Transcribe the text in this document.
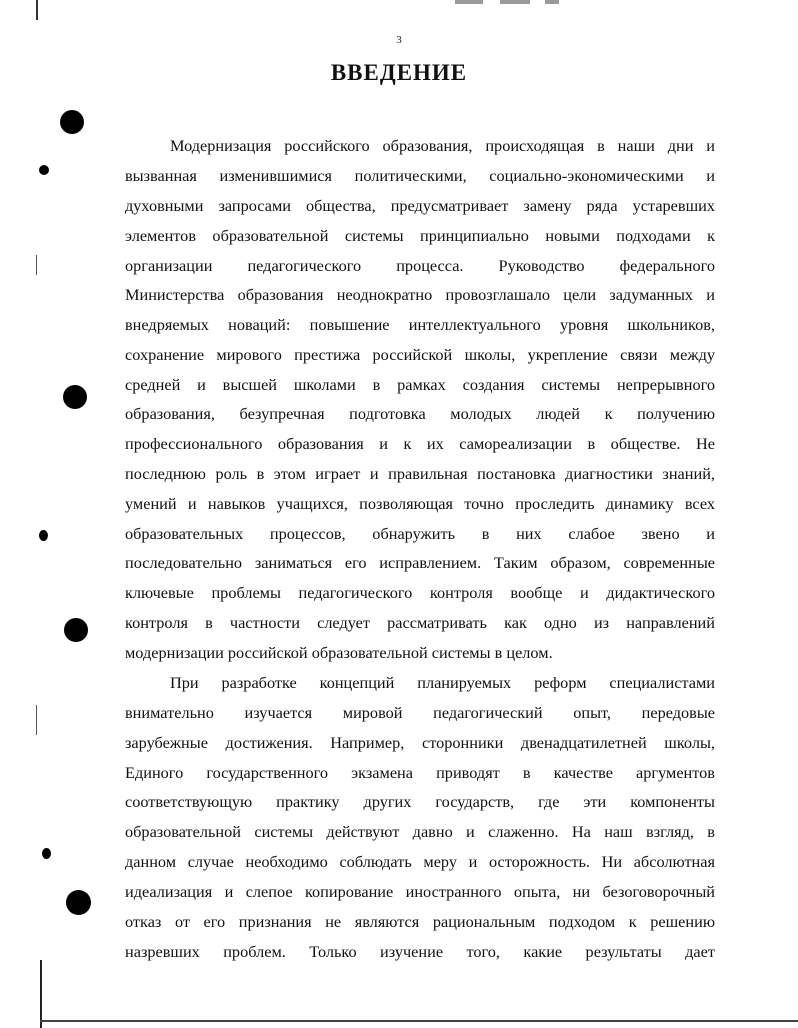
3
ВВЕДЕНИЕ
Модернизация российского образования, происходящая в наши дни и
вызванная изменившимися политическими, социально-экономическими и
духовными запросами общества, предусматривает замену ряда устаревших
элементов образовательной системы принципиально новыми подходами к
организации педагогического процесса. Руководство федерального
Министерства образования неоднократно провозглашало цели задуманных и
внедряемых новаций: повышение интеллектуального уровня школьников,
сохранение мирового престижа российской школы, укрепление связи между
средней и высшей школами в рамках создания системы непрерывного
образования, безупречная подготовка молодых людей к получению
профессионального образования и к их самореализации в обществе. Не
последнюю роль в этом играет и правильная постановка диагностики знаний,
умений и навыков учащихся, позволяющая точно проследить динамику всех
образовательных процессов, обнаружить в них слабое звено и
последовательно заниматься его исправлением. Таким образом, современные
ключевые проблемы педагогического контроля вообще и дидактического
контроля в частности следует рассматривать как одно из направлений
модернизации российской образовательной системы в целом.
При разработке концепций планируемых реформ специалистами
внимательно изучается мировой педагогический опыт, передовые
зарубежные достижения. Например, сторонники двенадцатилетней школы,
Единого государственного экзамена приводят в качестве аргументов
соответствующую практику других государств, где эти компоненты
образовательной системы действуют давно и слаженно. На наш взгляд, в
данном случае необходимо соблюдать меру и осторожность. Ни абсолютная
идеализация и слепое копирование иностранного опыта, ни безоговорочный
отказ от его признания не являются рациональным подходом к решению
назревших проблем. Только изучение того, какие результаты дает
